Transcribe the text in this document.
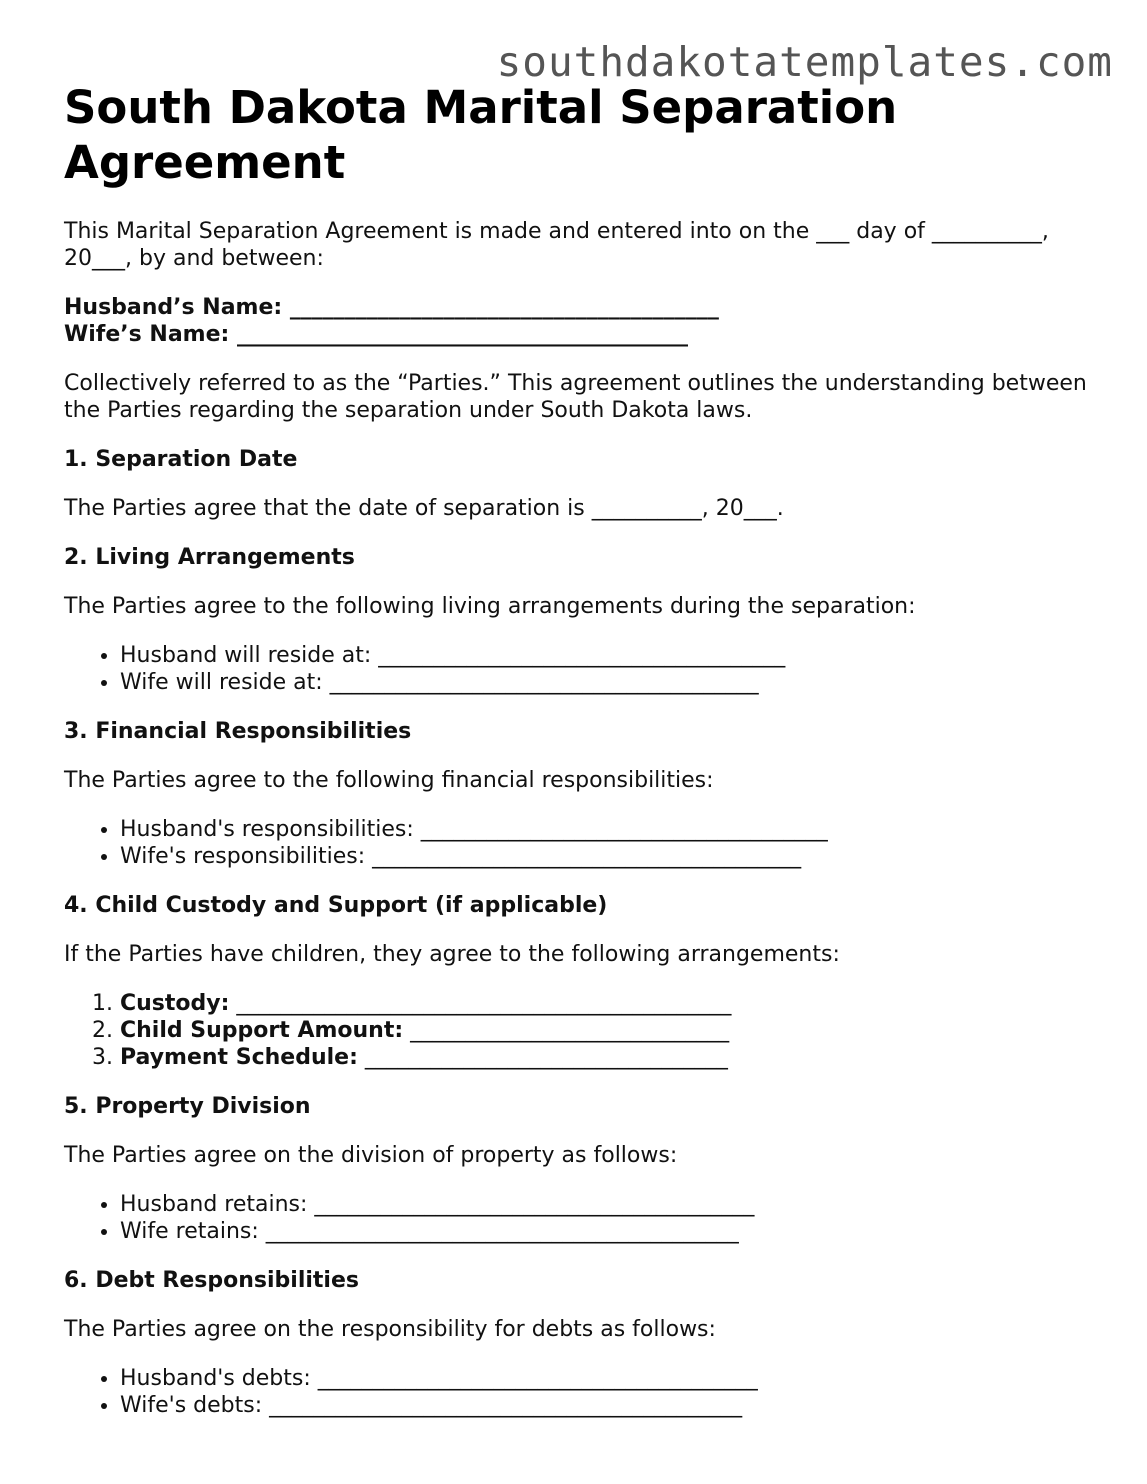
southdakotatemplates.com
South Dakota Marital Separation Agreement

This Marital Separation Agreement is made and entered into on the ___ day of __________, 20___, by and between:

Husband’s Name: _______________________________________
Wife’s Name: _________________________________________

Collectively referred to as the “Parties.” This agreement outlines the understanding between the Parties regarding the separation under South Dakota laws.

1. Separation Date

The Parties agree that the date of separation is __________, 20___.

2. Living Arrangements

The Parties agree to the following living arrangements during the separation:

• Husband will reside at: _____________________________________
• Wife will reside at: _______________________________________
3. Financial Responsibilities

The Parties agree to the following financial responsibilities:

• Husband's responsibilities: _____________________________________
• Wife's responsibilities: _______________________________________
4. Child Custody and Support (if applicable)

If the Parties have children, they agree to the following arrangements:

1. Custody: _____________________________________________
2. Child Support Amount: _____________________________
3. Payment Schedule: _________________________________
5. Property Division

The Parties agree on the division of property as follows:

• Husband retains: ________________________________________
• Wife retains: ___________________________________________
6. Debt Responsibilities

The Parties agree on the responsibility for debts as follows:

• Husband's debts: ________________________________________
• Wife's debts: ___________________________________________
